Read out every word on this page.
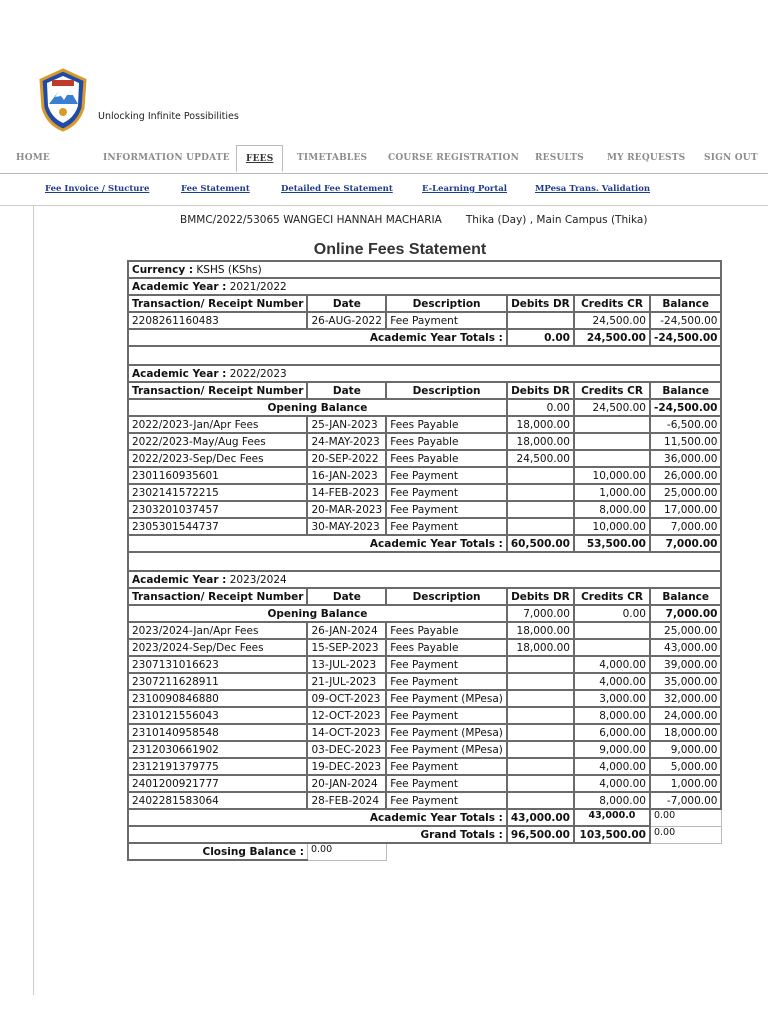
Unlocking Infinite Possibilities
HOME	INFORMATION UPDATE	FEES	TIMETABLES COURSE REGISTRATION RESULTS	MY REQUESTS SIGN OUT
Fee Invoice / Stucture	Fee Statement	Detailed Fee Statement	E-Learning Portal	MPesa Trans. Validation
BMMC/2022/53065 WANGECI HANNAH MACHARIA Thika (Day) , Main Campus (Thika)
Online Fees Statement
Currency : KSHS (KShs)					
Academic Year : 2021/2022					
Transaction/ Receipt Number	Date	Description	Debits DR	Credits CR	Balance
2208261160483	26-AUG-2022	Fee Payment		24,500.00	-24,500.00
Academic Year Totals :			0.00	24,500.00	-24,500.00

Academic Year : 2022/2023					
Transaction/ Receipt Number	Date	Description	Debits DR	Credits CR	Balance
Opening Balance			0.00	24,500.00	-24,500.00
2022/2023-Jan/Apr Fees	25-JAN-2023	Fees Payable	18,000.00		-6,500.00
2022/2023-May/Aug Fees	24-MAY-2023	Fees Payable	18,000.00		11,500.00
2022/2023-Sep/Dec Fees	20-SEP-2022	Fees Payable	24,500.00		36,000.00
2301160935601	16-JAN-2023	Fee Payment		10,000.00	26,000.00
2302141572215	14-FEB-2023	Fee Payment		1,000.00	25,000.00
2303201037457	20-MAR-2023	Fee Payment		8,000.00	17,000.00
2305301544737	30-MAY-2023	Fee Payment		10,000.00	7,000.00
Academic Year Totals :			60,500.00	53,500.00	7,000.00

Academic Year : 2023/2024					
Transaction/ Receipt Number	Date	Description	Debits DR	Credits CR	Balance
Opening Balance			7,000.00	0.00	7,000.00
2023/2024-Jan/Apr Fees	26-JAN-2024	Fees Payable	18,000.00		25,000.00
2023/2024-Sep/Dec Fees	15-SEP-2023	Fees Payable	18,000.00		43,000.00
2307131016623	13-JUL-2023	Fee Payment		4,000.00	39,000.00
2307211628911	21-JUL-2023	Fee Payment		4,000.00	35,000.00
2310090846880	09-OCT-2023	Fee Payment (MPesa)		3,000.00	32,000.00
2310121556043	12-OCT-2023	Fee Payment		8,000.00	24,000.00
2310140958548	14-OCT-2023	Fee Payment (MPesa)		6,000.00	18,000.00
2312030661902	03-DEC-2023	Fee Payment (MPesa)		9,000.00	9,000.00
2312191379775	19-DEC-2023	Fee Payment		4,000.00	5,000.00
2401200921777	20-JAN-2024	Fee Payment		4,000.00	1,000.00
2402281583064	28-FEB-2024	Fee Payment		8,000.00	-7,000.00
Academic Year Totals :			43,000.00	43,000.0	0.00
Grand Totals :			96,500.00	103,500.00	0.00
Closing Balance :	0.00				
